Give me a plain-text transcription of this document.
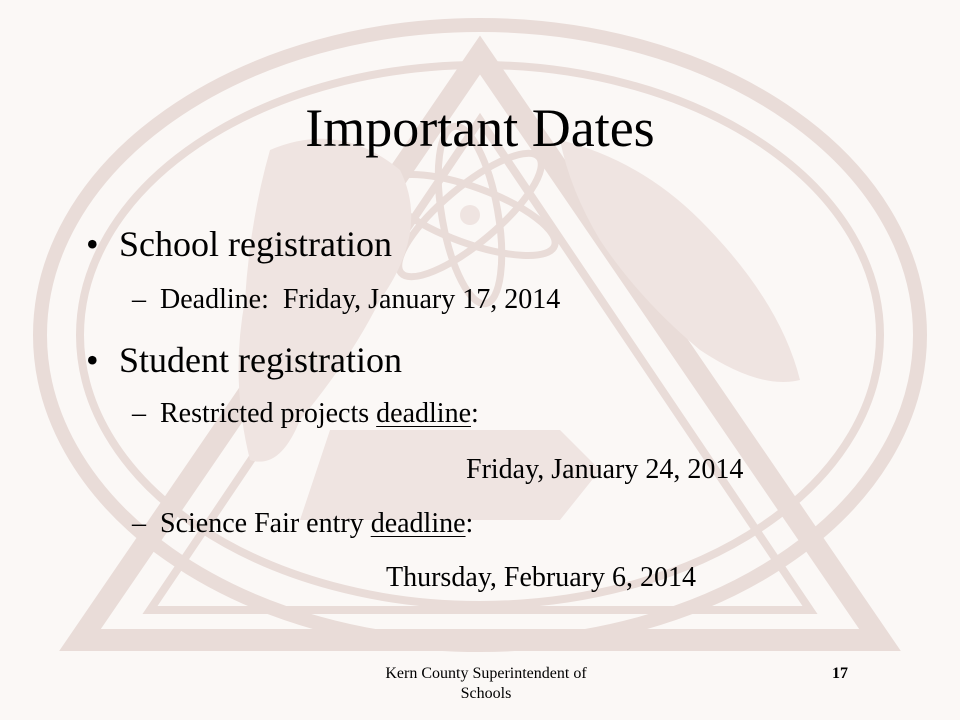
Important Dates
• School registration
– Deadline:  Friday, January 17, 2014
• Student registration
– Restricted projects deadline:
Friday, January 24, 2014
– Science Fair entry deadline:
Thursday, February 6, 2014
Kern County Superintendent of
Schools
17
